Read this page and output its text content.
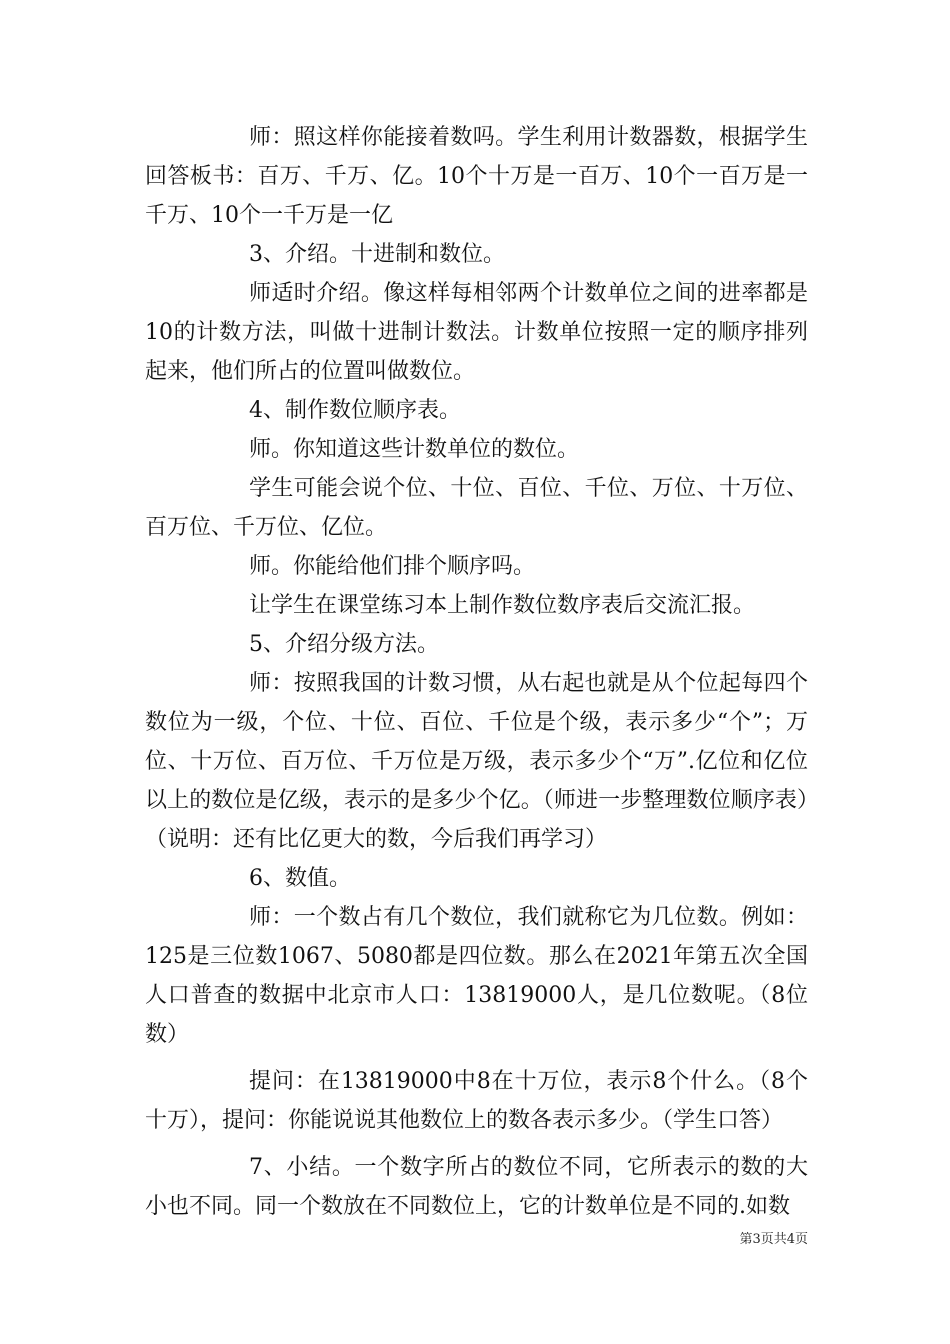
师：照这样你能接着数吗。学生利用计数器数，根据学生回答板书：百万、千万、亿。10个十万是一百万、10个一百万是一千万、10个一千万是一亿

3、介绍。十进制和数位。

师适时介绍。像这样每相邻两个计数单位之间的进率都是10的计数方法，叫做十进制计数法。计数单位按照一定的顺序排列起来，他们所占的位置叫做数位。

4、制作数位顺序表。

师。你知道这些计数单位的数位。

学生可能会说个位、十位、百位、千位、万位、十万位、百万位、千万位、亿位。

师。你能给他们排个顺序吗。

让学生在课堂练习本上制作数位数序表后交流汇报。

5、介绍分级方法。

师：按照我国的计数习惯，从右起也就是从个位起每四个数位为一级，个位、十位、百位、千位是个级，表示多少“个”；万位、十万位、百万位、千万位是万级，表示多少个“万”.亿位和亿位以上的数位是亿级，表示的是多少个亿。（师进一步整理数位顺序表）（说明：还有比亿更大的数，今后我们再学习）

6、数值。

师：一个数占有几个数位，我们就称它为几位数。例如：125是三位数1067、5080都是四位数。那么在2021年第五次全国人口普查的数据中北京市人口：13819000人，是几位数呢。（8位数）

提问：在13819000中8在十万位，表示8个什么。（8个十万），提问：你能说说其他数位上的数各表示多少。（学生口答）

7、小结。一个数字所占的数位不同，它所表示的数的大小也不同。同一个数放在不同数位上，它的计数单位是不同的.如数

第3页共4页
